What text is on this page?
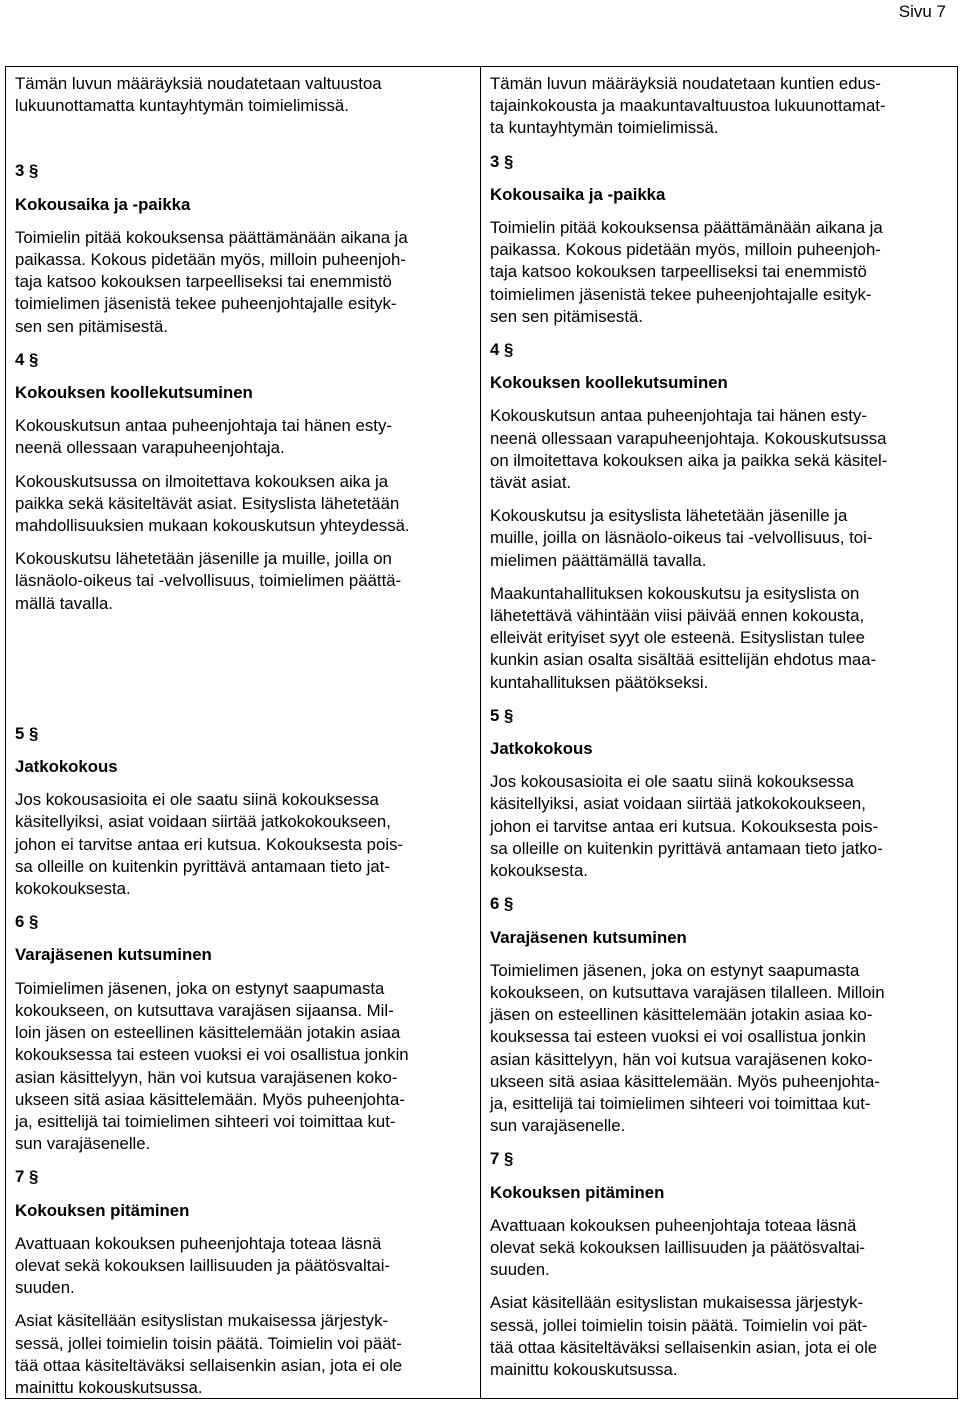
Sivu 7
Tämän luvun määräyksiä noudatetaan valtuustoa
lukuunottamatta kuntayhtymän toimielimissä.
3 §
Kokousaika ja -paikka
Toimielin pitää kokouksensa päättämänään aikana ja
paikassa. Kokous pidetään myös, milloin puheenjoh-
taja katsoo kokouksen tarpeelliseksi tai enemmistö
toimielimen jäsenistä tekee puheenjohtajalle esityk-
sen sen pitämisestä.
4 §
Kokouksen koollekutsuminen
Kokouskutsun antaa puheenjohtaja tai hänen esty-
neenä ollessaan varapuheenjohtaja.
Kokouskutsussa on ilmoitettava kokouksen aika ja
paikka sekä käsiteltävät asiat. Esityslista lähetetään
mahdollisuuksien mukaan kokouskutsun yhteydessä.
Kokouskutsu lähetetään jäsenille ja muille, joilla on
läsnäolo-oikeus tai -velvollisuus, toimielimen päättä-
mällä tavalla.
5 §
Jatkokokous
Jos kokousasioita ei ole saatu siinä kokouksessa
käsitellyiksi, asiat voidaan siirtää jatkokokoukseen,
johon ei tarvitse antaa eri kutsua. Kokouksesta pois-
sa olleille on kuitenkin pyrittävä antamaan tieto jat-
kokokouksesta.
6 §
Varajäsenen kutsuminen
Toimielimen jäsenen, joka on estynyt saapumasta
kokoukseen, on kutsuttava varajäsen sijaansa. Mil-
loin jäsen on esteellinen käsittelemään jotakin asiaa
kokouksessa tai esteen vuoksi ei voi osallistua jonkin
asian käsittelyyn, hän voi kutsua varajäsenen koko-
ukseen sitä asiaa käsittelemään. Myös puheenjohta-
ja, esittelijä tai toimielimen sihteeri voi toimittaa kut-
sun varajäsenelle.
7 §
Kokouksen pitäminen
Avattuaan kokouksen puheenjohtaja toteaa läsnä
olevat sekä kokouksen laillisuuden ja päätösvaltai-
suuden.
Asiat käsitellään esityslistan mukaisessa järjestyk-
sessä, jollei toimielin toisin päätä. Toimielin voi päät-
tää ottaa käsiteltäväksi sellaisenkin asian, jota ei ole
mainittu kokouskutsussa.
Tämän luvun määräyksiä noudatetaan kuntien edus-
tajainkokousta ja maakuntavaltuustoa lukuunottamat-
ta kuntayhtymän toimielimissä.
3 §
Kokousaika ja -paikka
Toimielin pitää kokouksensa päättämänään aikana ja
paikassa. Kokous pidetään myös, milloin puheenjoh-
taja katsoo kokouksen tarpeelliseksi tai enemmistö
toimielimen jäsenistä tekee puheenjohtajalle esityk-
sen sen pitämisestä.
4 §
Kokouksen koollekutsuminen
Kokouskutsun antaa puheenjohtaja tai hänen esty-
neenä ollessaan varapuheenjohtaja. Kokouskutsussa
on ilmoitettava kokouksen aika ja paikka sekä käsitel-
tävät asiat.
Kokouskutsu ja esityslista lähetetään jäsenille ja
muille, joilla on läsnäolo-oikeus tai -velvollisuus, toi-
mielimen päättämällä tavalla.
Maakuntahallituksen kokouskutsu ja esityslista on
lähetettävä vähintään viisi päivää ennen kokousta,
elleivät erityiset syyt ole esteenä. Esityslistan tulee
kunkin asian osalta sisältää esittelijän ehdotus maa-
kuntahallituksen päätökseksi.
5 §
Jatkokokous
Jos kokousasioita ei ole saatu siinä kokouksessa
käsitellyiksi, asiat voidaan siirtää jatkokokoukseen,
johon ei tarvitse antaa eri kutsua. Kokouksesta pois-
sa olleille on kuitenkin pyrittävä antamaan tieto jatko-
kokouksesta.
6 §
Varajäsenen kutsuminen
Toimielimen jäsenen, joka on estynyt saapumasta
kokoukseen, on kutsuttava varajäsen tilalleen. Milloin
jäsen on esteellinen käsittelemään jotakin asiaa ko-
kouksessa tai esteen vuoksi ei voi osallistua jonkin
asian käsittelyyn, hän voi kutsua varajäsenen koko-
ukseen sitä asiaa käsittelemään. Myös puheenjohta-
ja, esittelijä tai toimielimen sihteeri voi toimittaa kut-
sun varajäsenelle.
7 §
Kokouksen pitäminen
Avattuaan kokouksen puheenjohtaja toteaa läsnä
olevat sekä kokouksen laillisuuden ja päätösvaltai-
suuden.
Asiat käsitellään esityslistan mukaisessa järjestyk-
sessä, jollei toimielin toisin päätä. Toimielin voi pät-
tää ottaa käsiteltäväksi sellaisenkin asian, jota ei ole
mainittu kokouskutsussa.
